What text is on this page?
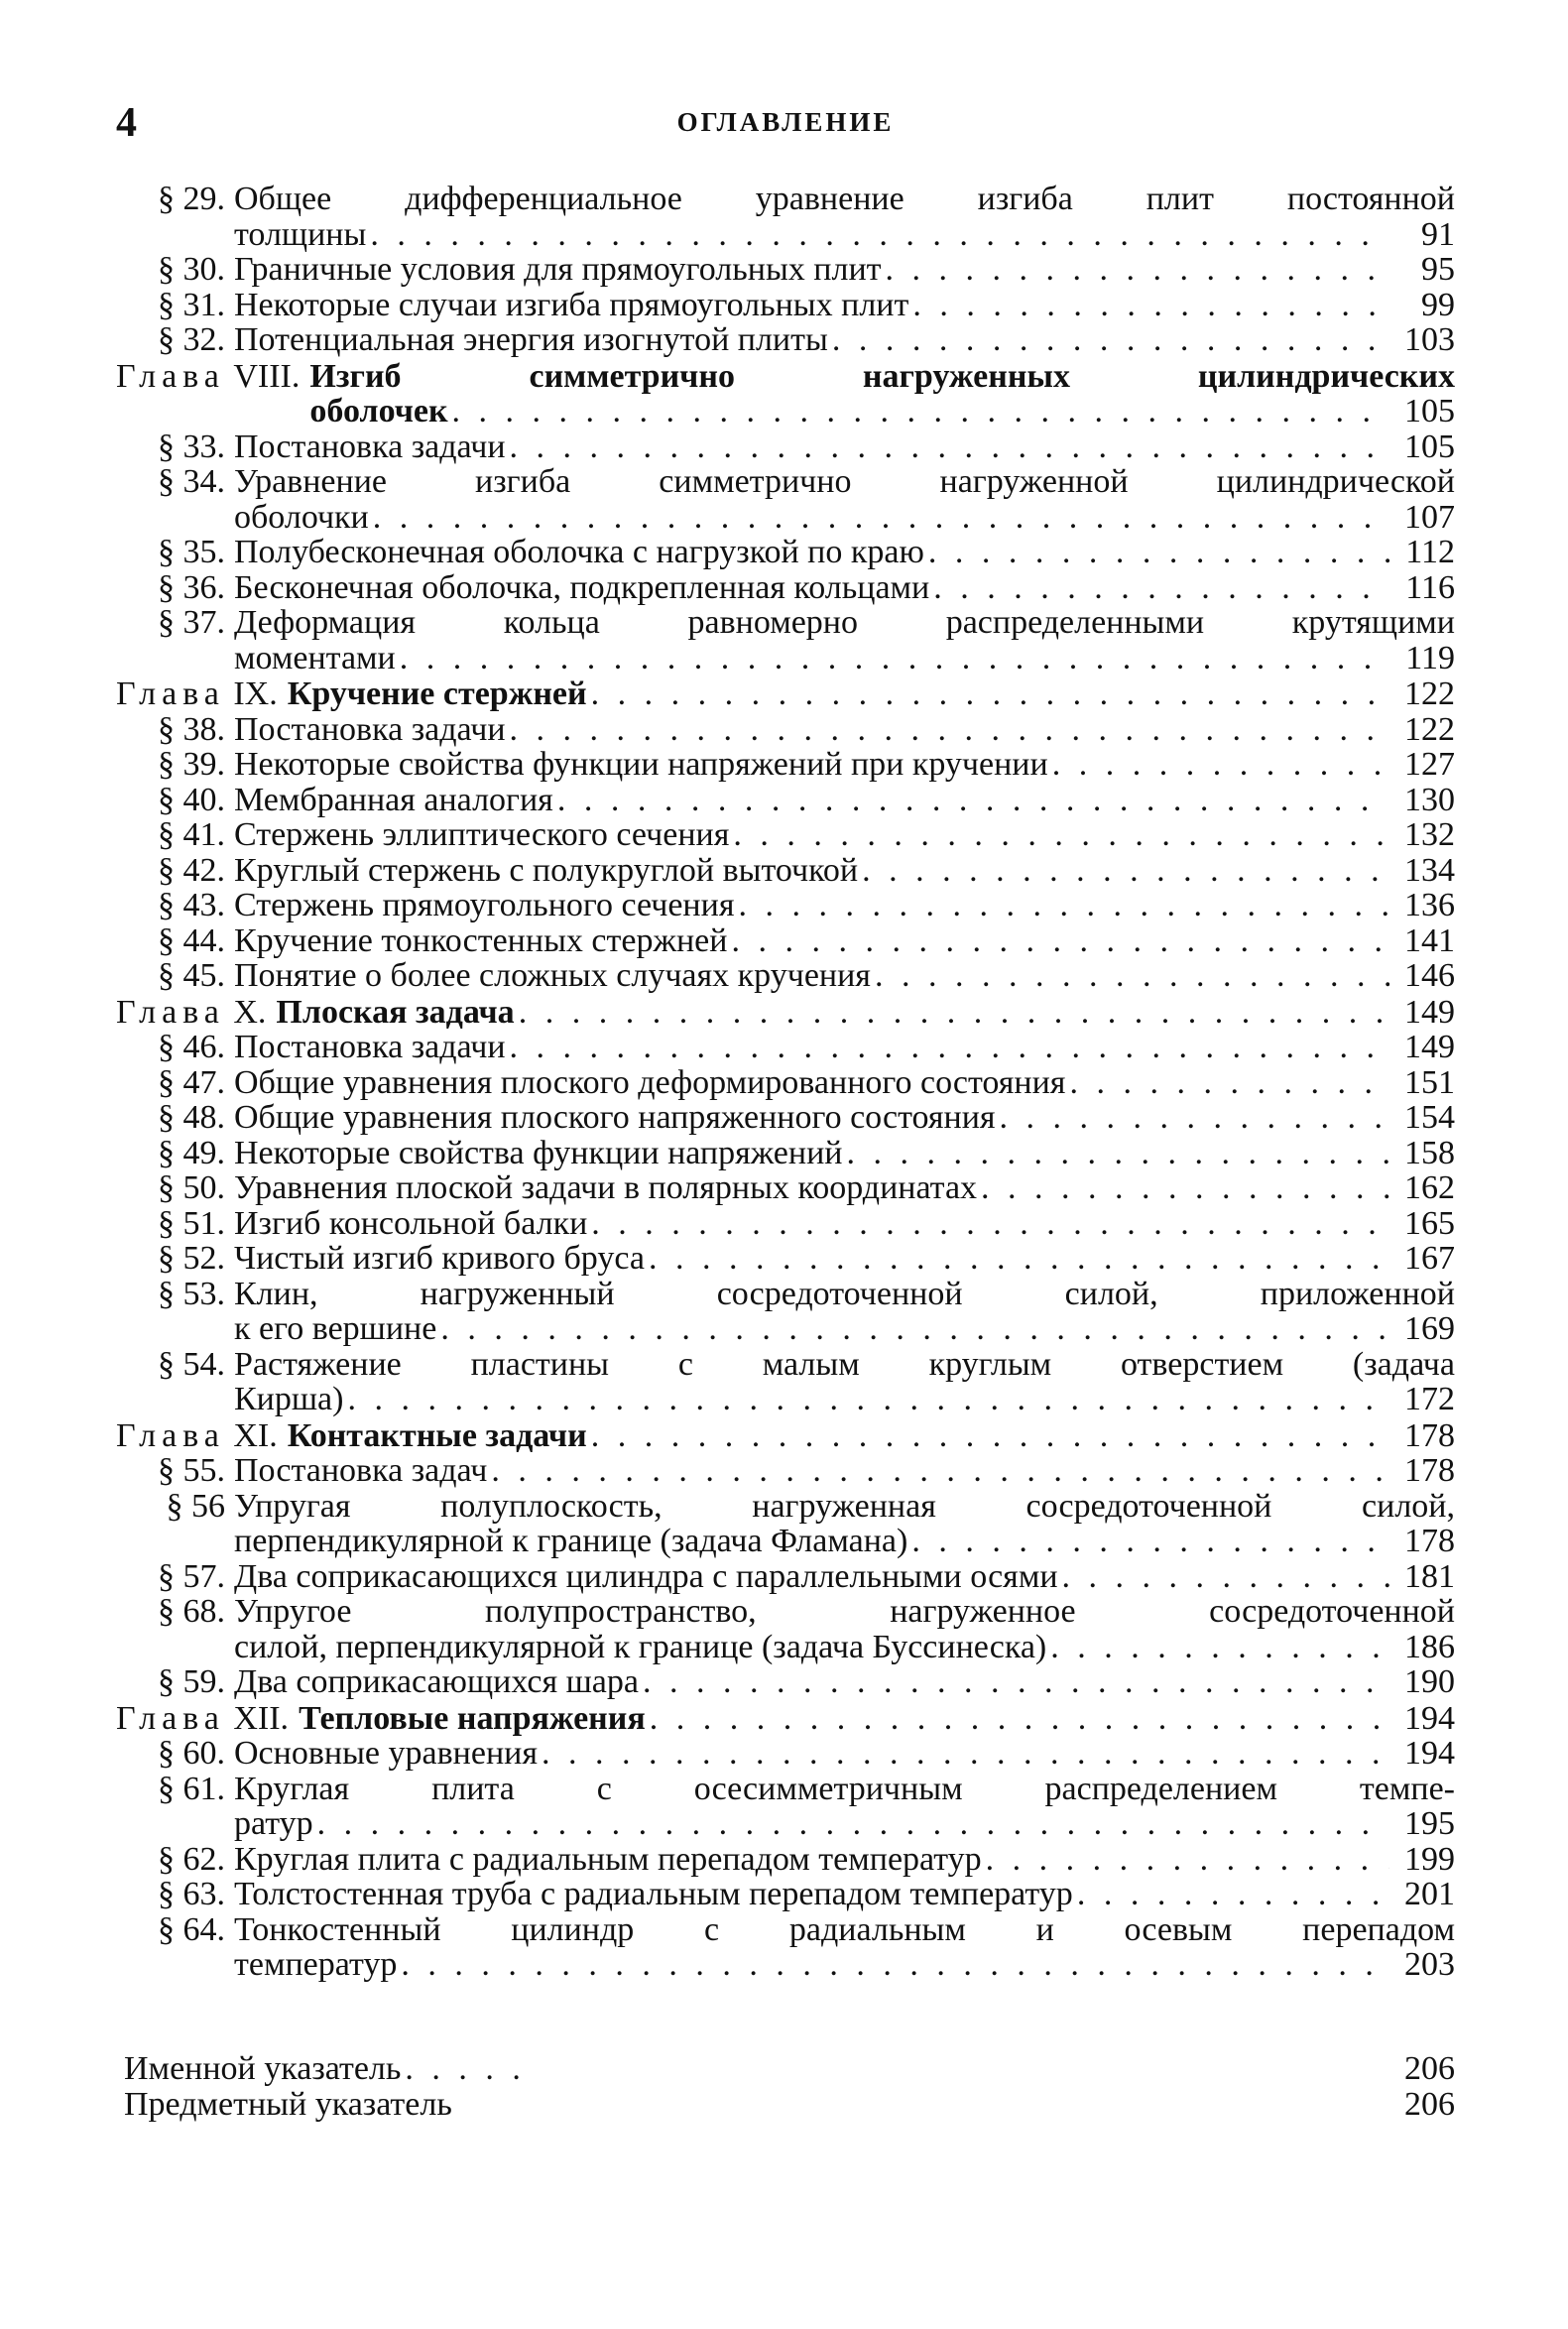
4	ОГЛАВЛЕНИЕ
§ 29. Общее дифференциальное уравнение изгиба плит постоянной
толщины . . .	91
§ 30. Граничные условия для прямоугольных плит . . .	95
§ 31. Некоторые случаи изгиба прямоугольных плит . . .	99
§ 32. Потенциальная энергия изогнутой плиты . . .	103
Глава VIII. Изгиб симметрично нагруженных цилиндрических
оболочек . . .	105
§ 33. Постановка задачи . . .	105
§ 34. Уравнение изгиба симметрично нагруженной цилиндрической
оболочки . . .	107
§ 35. Полубесконечная оболочка с нагрузкой по краю . . .	112
§ 36. Бесконечная оболочка, подкрепленная кольцами . . .	116
§ 37. Деформация кольца равномерно распределенными крутящими
моментами . . .	119
Глава IX. Кручение стержней . . .	122
§ 38. Постановка задачи . . .	122
§ 39. Некоторые свойства функции напряжений при кручении . . .	127
§ 40. Мембранная аналогия . . .	130
§ 41. Стержень эллиптического сечения . . .	132
§ 42. Круглый стержень с полукруглой выточкой . . .	134
§ 43. Стержень прямоугольного сечения . . .	136
§ 44. Кручение тонкостенных стержней . . .	141
§ 45. Понятие о более сложных случаях кручения . . .	146
Глава X. Плоская задача . . .	149
§ 46. Постановка задачи . . .	149
§ 47. Общие уравнения плоского деформированного состояния . . .	151
§ 48. Общие уравнения плоского напряженного состояния . . .	154
§ 49. Некоторые свойства функции напряжений . . .	158
§ 50. Уравнения плоской задачи в полярных координатах . . .	162
§ 51. Изгиб консольной балки . . .	165
§ 52. Чистый изгиб кривого бруса . . .	167
§ 53. Клин, нагруженный сосредоточенной силой, приложенной
к его вершине . . .	169
§ 54. Растяжение пластины с малым круглым отверстием (задача
Кирша) . . .	172
Глава XI. Контактные задачи . . .	178
§ 55. Постановка задач . . .	178
§ 56 Упругая полуплоскость, нагруженная сосредоточенной силой,
перпендикулярной к границе (задача Фламана) . . .	178
§ 57. Два соприкасающихся цилиндра с параллельными осями . . .	181
§ 68. Упругое полупространство, нагруженное сосредоточенной
силой, перпендикулярной к границе (задача Буссинеска) . . .	186
§ 59. Два соприкасающихся шара . . .	190
Глава XII. Тепловые напряжения . . .	194
§ 60. Основные уравнения . . .	194
§ 61. Круглая плита с осесимметричным распределением темпе-
ратур . . .	195
§ 62. Круглая плита с радиальным перепадом температур . . .	199
§ 63. Толстостенная труба с радиальным перепадом температур . . .	201
§ 64. Тонкостенный цилиндр с радиальным и осевым перепадом
температур . . .	203
Именной указатель . . .	206
Предметный указатель	206
